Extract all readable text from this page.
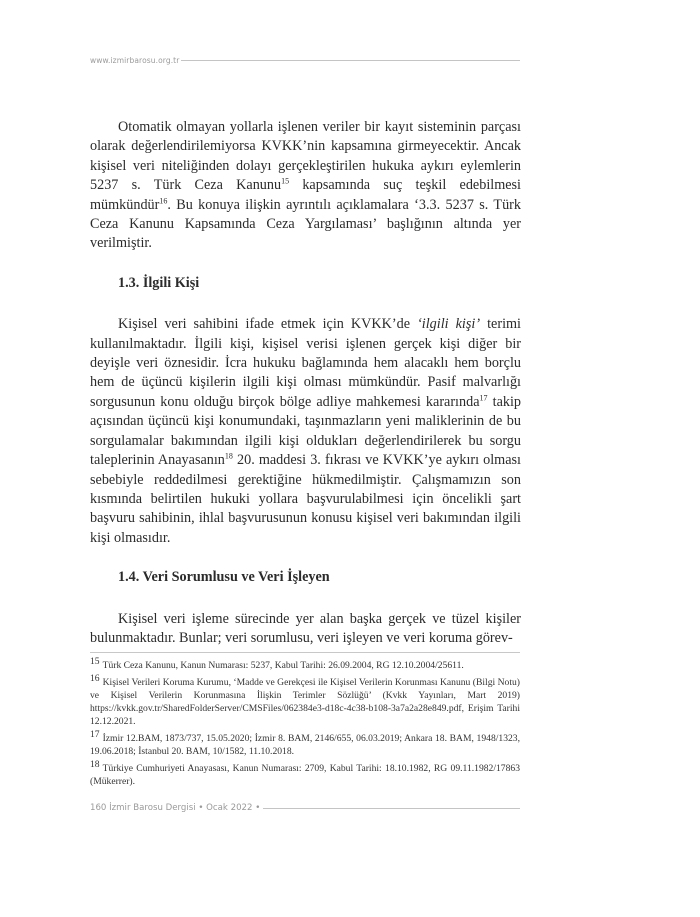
www.izmirbarosu.org.tr

Otomatik olmayan yollarla işlenen veriler bir kayıt sisteminin parçası olarak değerlendirilemiyorsa KVKK’nin kapsamına girmeyecektir. Ancak kişisel veri niteliğinden dolayı gerçekleştirilen hukuka aykırı eylemlerin 5237 s. Türk Ceza Kanunu$^{15}$ kapsamında suç teşkil edebilmesi mümkündür$^{16}$. Bu konuya ilişkin ayrıntılı açıklamalara ‘3.3. 5237 s. Türk Ceza Kanunu Kapsamında Ceza Yargılaması’ başlığının altında yer verilmiştir.

1.3. İlgili Kişi

Kişisel veri sahibini ifade etmek için KVKK’de ‘ilgili kişi’ terimi kullanılmaktadır. İlgili kişi, kişisel verisi işlenen gerçek kişi diğer bir deyişle veri öznesidir. İcra hukuku bağlamında hem alacaklı hem borçlu hem de üçüncü kişilerin ilgili kişi olması mümkündür. Pasif malvarlığı sorgusunun konu olduğu birçok bölge adliye mahkemesi kararında$^{17}$ takip açısından üçüncü kişi konumundaki, taşınmazların yeni maliklerinin de bu sorgulamalar bakımından ilgili kişi oldukları değerlendirilerek bu sorgu taleplerinin Anayasanın$^{18}$ 20. maddesi 3. fıkrası ve KVKK’ye aykırı olması sebebiyle reddedilmesi gerektiğine hükmedilmiştir. Çalışmamızın son kısmında belirtilen hukuki yollara başvurulabilmesi için öncelikli şart başvuru sahibinin, ihlal başvurusunun konusu kişisel veri bakımından ilgili kişi olmasıdır.

1.4. Veri Sorumlusu ve Veri İşleyen

Kişisel veri işleme sürecinde yer alan başka gerçek ve tüzel kişiler bulunmaktadır. Bunlar; veri sorumlusu, veri işleyen ve veri koruma görev-

15 Türk Ceza Kanunu, Kanun Numarası: 5237, Kabul Tarihi: 26.09.2004, RG 12.10.2004/25611.

16 Kişisel Verileri Koruma Kurumu, ‘Madde ve Gerekçesi ile Kişisel Verilerin Korunması Kanunu (Bilgi Notu) ve Kişisel Verilerin Korunmasına İlişkin Terimler Sözlüğü’ (Kvkk Yayınları, Mart 2019) https://kvkk.gov.tr/SharedFolderServer/CMSFiles/062384e3-d18c-4c38-b108-3a7a2a28e849.pdf, Erişim Tarihi 12.12.2021.

17 İzmir 12.BAM, 1873/737, 15.05.2020; İzmir 8. BAM, 2146/655, 06.03.2019; Ankara 18. BAM, 1948/1323, 19.06.2018; İstanbul 20. BAM, 10/1582, 11.10.2018.

18 Türkiye Cumhuriyeti Anayasası, Kanun Numarası: 2709, Kabul Tarihi: 18.10.1982, RG 09.11.1982/17863 (Mükerrer).

160 İzmir Barosu Dergisi • Ocak 2022 •
